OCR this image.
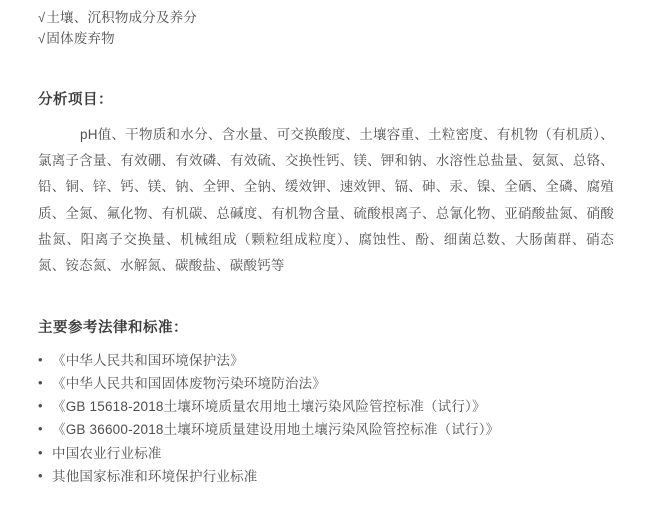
√土壤、沉积物成分及养分
√固体废弃物
分析项目：
pH值、干物质和水分、含水量、可交换酸度、土壤容重、土粒密度、有机物（有机质）、氯离子含量、有效硼、有效磷、有效硫、交换性钙、镁、钾和钠、水溶性总盐量、氨氮、总铬、铅、铜、锌、钙、镁、钠、全钾、全钠、缓效钾、速效钾、镉、砷、汞、镍、全硒、全磷、腐殖质、全氮、氟化物、有机碳、总碱度、有机物含量、硫酸根离子、总氰化物、亚硝酸盐氮、硝酸盐氮、阳离子交换量、机械组成（颗粒组成粒度）、腐蚀性、酚、细菌总数、大肠菌群、硝态氮、铵态氮、水解氮、碳酸盐、碳酸钙等
主要参考法律和标准：
• 《中华人民共和国环境保护法》
• 《中华人民共和国固体废物污染环境防治法》
• 《GB 15618-2018土壤环境质量农用地土壤污染风险管控标准（试行）》
• 《GB 36600-2018土壤环境质量建设用地土壤污染风险管控标准（试行）》
• 中国农业行业标准
• 其他国家标准和环境保护行业标准
